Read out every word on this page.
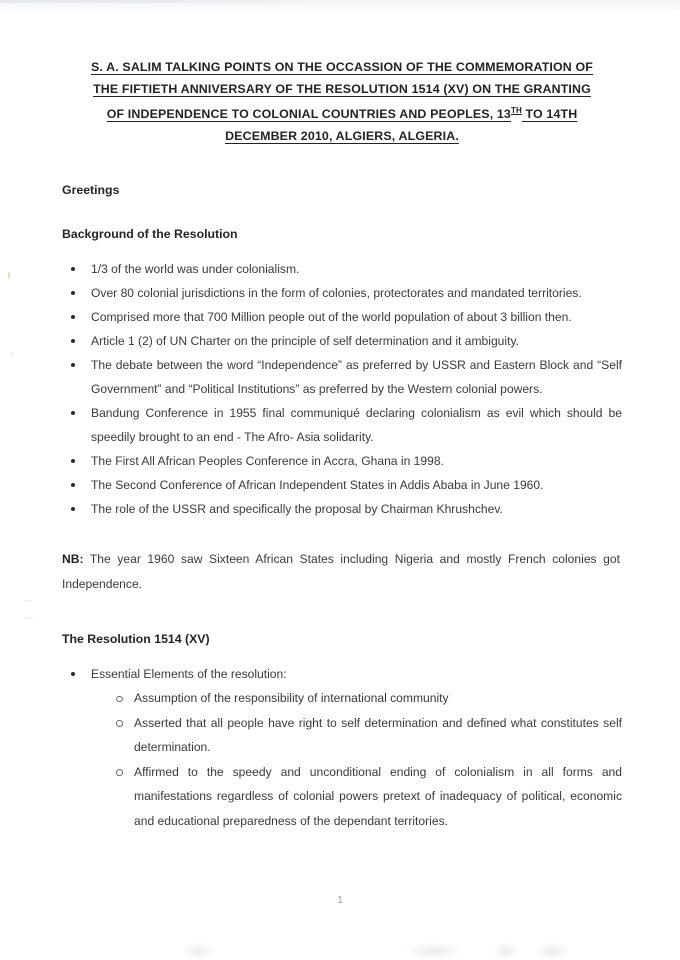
S. A. SALIM TALKING POINTS ON THE OCCASSION OF THE COMMEMORATION OF
THE FIFTIETH ANNIVERSARY OF THE RESOLUTION 1514 (XV) ON THE GRANTING
OF INDEPENDENCE TO COLONIAL COUNTRIES AND PEOPLES, 13TH TO 14TH
DECEMBER 2010, ALGIERS, ALGERIA.

Greetings

Background of the Resolution

1/3 of the world was under colonialism.
Over 80 colonial jurisdictions in the form of colonies, protectorates and mandated territories.
Comprised more that 700 Million people out of the world population of about 3 billion then.
Article 1 (2) of UN Charter on the principle of self determination and it ambiguity.
The debate between the word “Independence” as preferred by USSR and Eastern Block and “Self Government” and “Political Institutions” as preferred by the Western colonial powers.
Bandung Conference in 1955 final communiqué declaring colonialism as evil which should be speedily brought to an end - The Afro- Asia solidarity.
The First All African Peoples Conference in Accra, Ghana in 1998.
The Second Conference of African Independent States in Addis Ababa in June 1960.
The role of the USSR and specifically the proposal by Chairman Khrushchev.

NB: The year 1960 saw Sixteen African States including Nigeria and mostly French colonies got Independence.

The Resolution 1514 (XV)

Essential Elements of the resolution:
Assumption of the responsibility of international community
Asserted that all people have right to self determination and defined what constitutes self determination.
Affirmed to the speedy and unconditional ending of colonialism in all forms and manifestations regardless of colonial powers pretext of inadequacy of political, economic and educational preparedness of the dependant territories.
1
